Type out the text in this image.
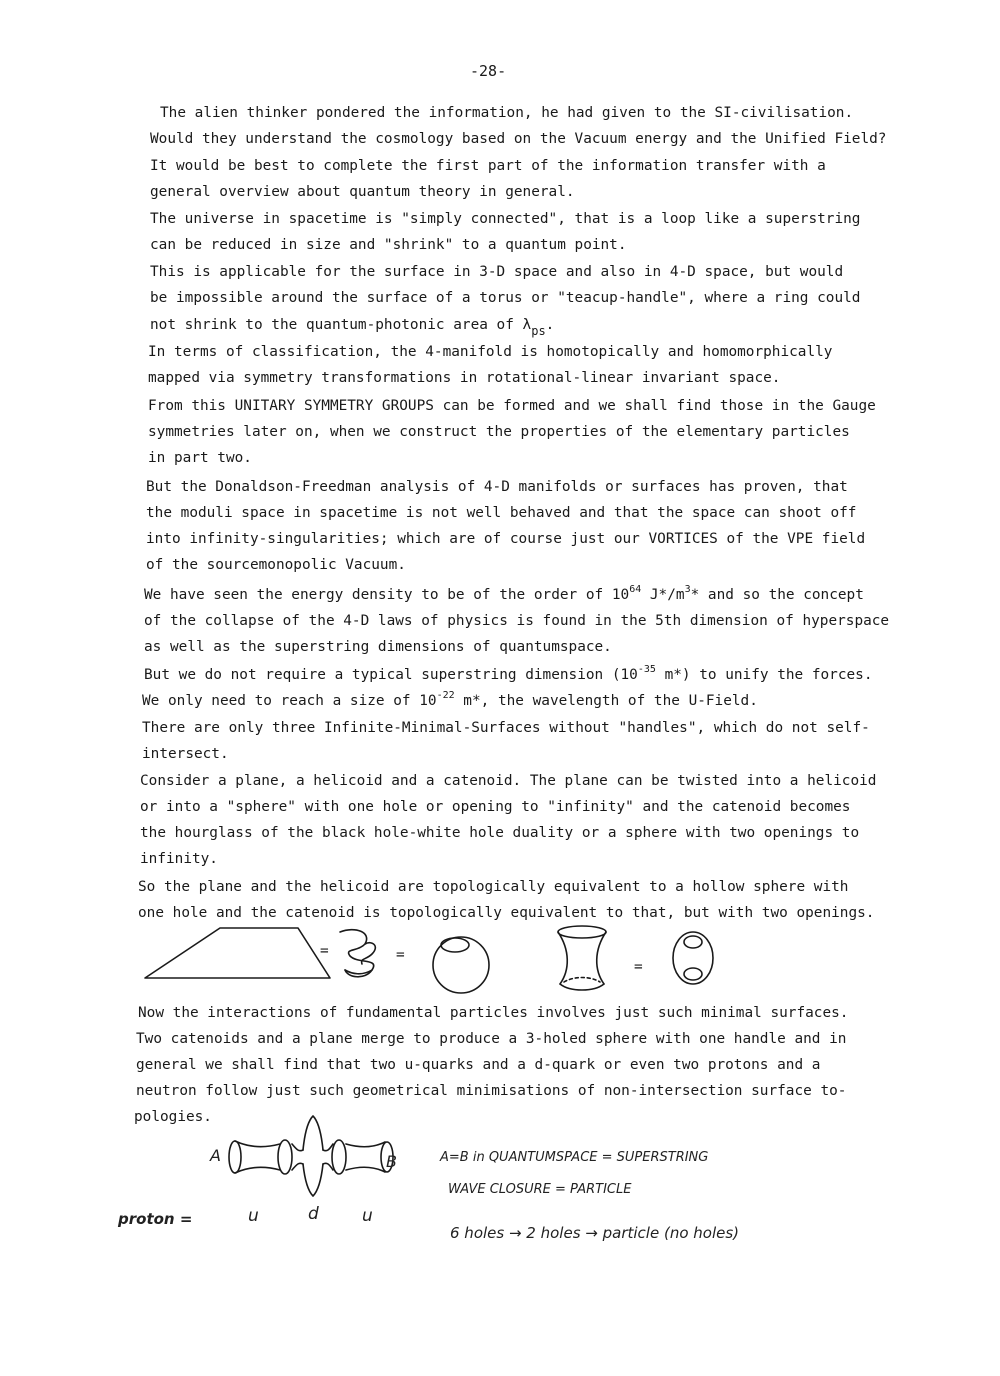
-28-
The alien thinker pondered the information, he had given to the SI-civilisation.
Would they understand the cosmology based on the Vacuum energy and the Unified Field?
It would be best to complete the first part of the information transfer with a
general overview about quantum theory in general.
The universe in spacetime is "simply connected", that is a loop like a superstring
can be reduced in size and "shrink" to a quantum point.
This is applicable for the surface in 3-D space and also in 4-D space, but would
be impossible around the surface of a torus or "teacup-handle", where a ring could
not shrink to the quantum-photonic area of $\lambda_{ps}$.
In terms of classification, the 4-manifold is homotopically and homomorphically
mapped via symmetry transformations in rotational-linear invariant space.
From this UNITARY SYMMETRY GROUPS can be formed and we shall find those in the Gauge
symmetries later on, when we construct the properties of the elementary particles
in part two.
But the Donaldson-Freedman analysis of 4-D manifolds or surfaces has proven, that
the moduli space in spacetime is not well behaved and that the space can shoot off
into infinity-singularities; which are of course just our VORTICES of the VPE field
of the sourcemonopolic Vacuum.
We have seen the energy density to be of the order of $10^{64}$ $J*/m^3*$ and so the concept
of the collapse of the 4-D laws of physics is found in the 5th dimension of hyperspace
as well as the superstring dimensions of quantumspace.
But we do not require a typical superstring dimension ($10^{-35}$ m*) to unify the forces.
We only need to reach a size of $10^{-22}$ m*, the wavelength of the U-Field.
There are only three Infinite-Minimal-Surfaces without "handles", which do not self-
intersect.
Consider a plane, a helicoid and a catenoid. The plane can be twisted into a helicoid
or into a "sphere" with one hole or opening to "infinity" and the catenoid becomes
the hourglass of the black hole-white hole duality or a sphere with two openings to
infinity.
So the plane and the helicoid are topologically equivalent to a hollow sphere with
one hole and the catenoid is topologically equivalent to that, but with two openings.
=	=
=
Now the interactions of fundamental particles involves just such minimal surfaces.
Two catenoids and a plane merge to produce a 3-holed sphere with one handle and in
general we shall find that two u-quarks and a d-quark or even two protons and a
neutron follow just such geometrical minimisations of non-intersection surface to-
pologies.
A	B	A=B in QUANTUMSPACE = SUPERSTRING
WAVE CLOSURE = PARTICLE
6 holes → 2 holes → particle (no holes)
proton =	u	d	u
